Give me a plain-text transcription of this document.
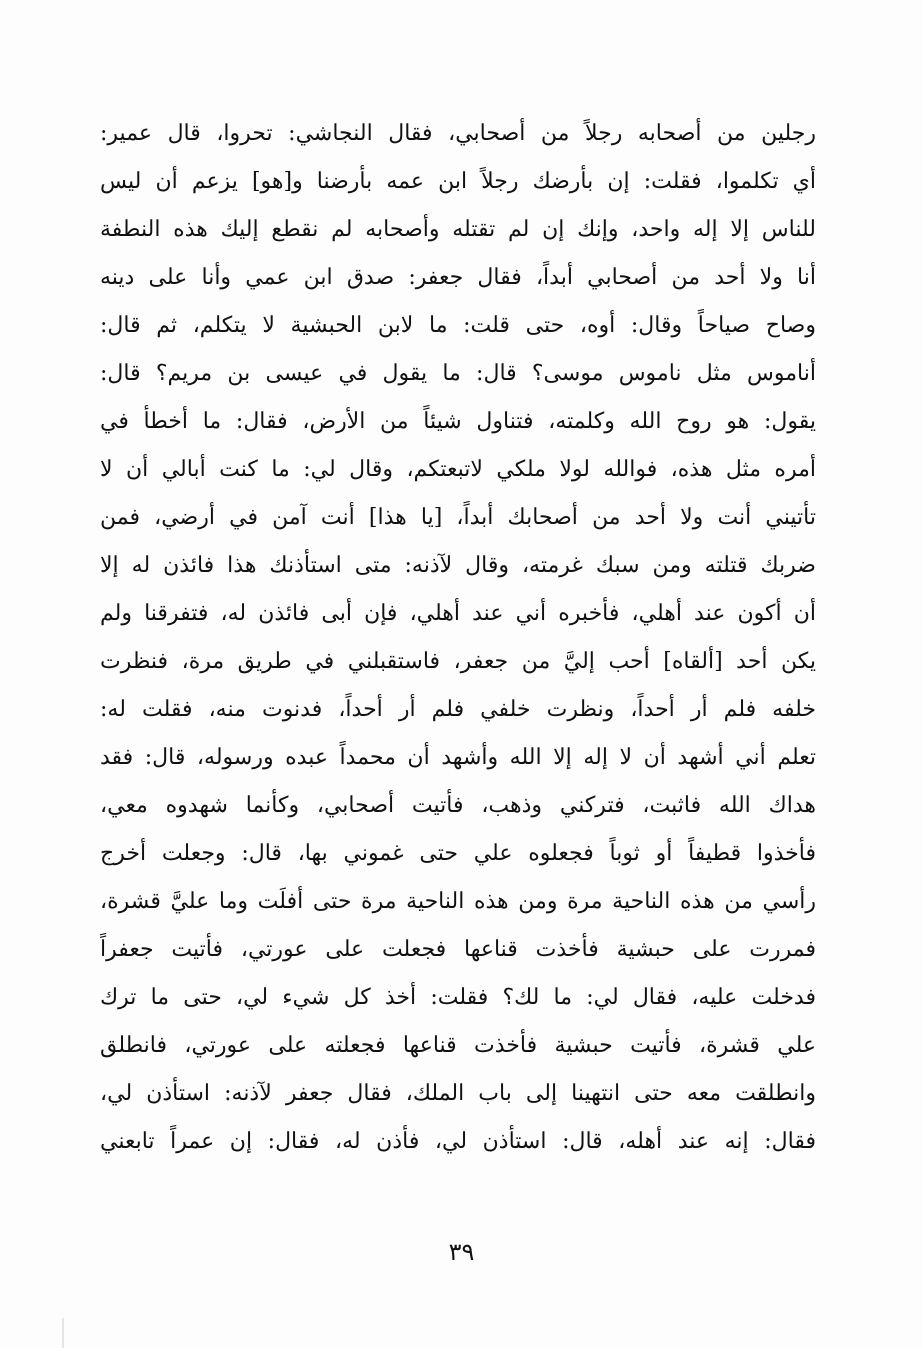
رجلين من أصحابه رجلاً من أصحابي، فقال النجاشي: تحروا، قال عمير:
أي تكلموا، فقلت: إن بأرضك رجلاً ابن عمه بأرضنا و[هو] يزعم أن ليس
للناس إلا إله واحد، وإنك إن لم تقتله وأصحابه لم نقطع إليك هذه النطفة
أنا ولا أحد من أصحابي أبداً، فقال جعفر: صدق ابن عمي وأنا على دينه
وصاح صياحاً وقال: أوه، حتى قلت: ما لابن الحبشية لا يتكلم، ثم قال:
أناموس مثل ناموس موسى؟ قال: ما يقول في عيسى بن مريم؟ قال:
يقول: هو روح الله وكلمته، فتناول شيئاً من الأرض، فقال: ما أخطأ في
أمره مثل هذه، فوالله لولا ملكي لاتبعتكم، وقال لي: ما كنت أبالي أن لا
تأتيني أنت ولا أحد من أصحابك أبداً، [يا هذا] أنت آمن في أرضي، فمن
ضربك قتلته ومن سبك غرمته، وقال لآذنه: متى استأذنك هذا فائذن له إلا
أن أكون عند أهلي، فأخبره أني عند أهلي، فإن أبى فائذن له، فتفرقنا ولم
يكن أحد [ألقاه] أحب إليَّ من جعفر، فاستقبلني في طريق مرة، فنظرت
خلفه فلم أر أحداً، ونظرت خلفي فلم أر أحداً، فدنوت منه، فقلت له:
تعلم أني أشهد أن لا إله إلا الله وأشهد أن محمداً عبده ورسوله، قال: فقد
هداك الله فاثبت، فتركني وذهب، فأتيت أصحابي، وكأنما شهدوه معي،
فأخذوا قطيفاً أو ثوباً فجعلوه علي حتى غموني بها، قال: وجعلت أخرج
رأسي من هذه الناحية مرة ومن هذه الناحية مرة حتى أفلَت وما عليَّ قشرة،
فمررت على حبشية فأخذت قناعها فجعلت على عورتي، فأتيت جعفراً
فدخلت عليه، فقال لي: ما لك؟ فقلت: أخذ كل شيء لي، حتى ما ترك
علي قشرة، فأتيت حبشية فأخذت قناعها فجعلته على عورتي، فانطلق
وانطلقت معه حتى انتهينا إلى باب الملك، فقال جعفر لآذنه: استأذن لي،
فقال: إنه عند أهله، قال: استأذن لي، فأذن له، فقال: إن عمراً تابعني
٣٩
